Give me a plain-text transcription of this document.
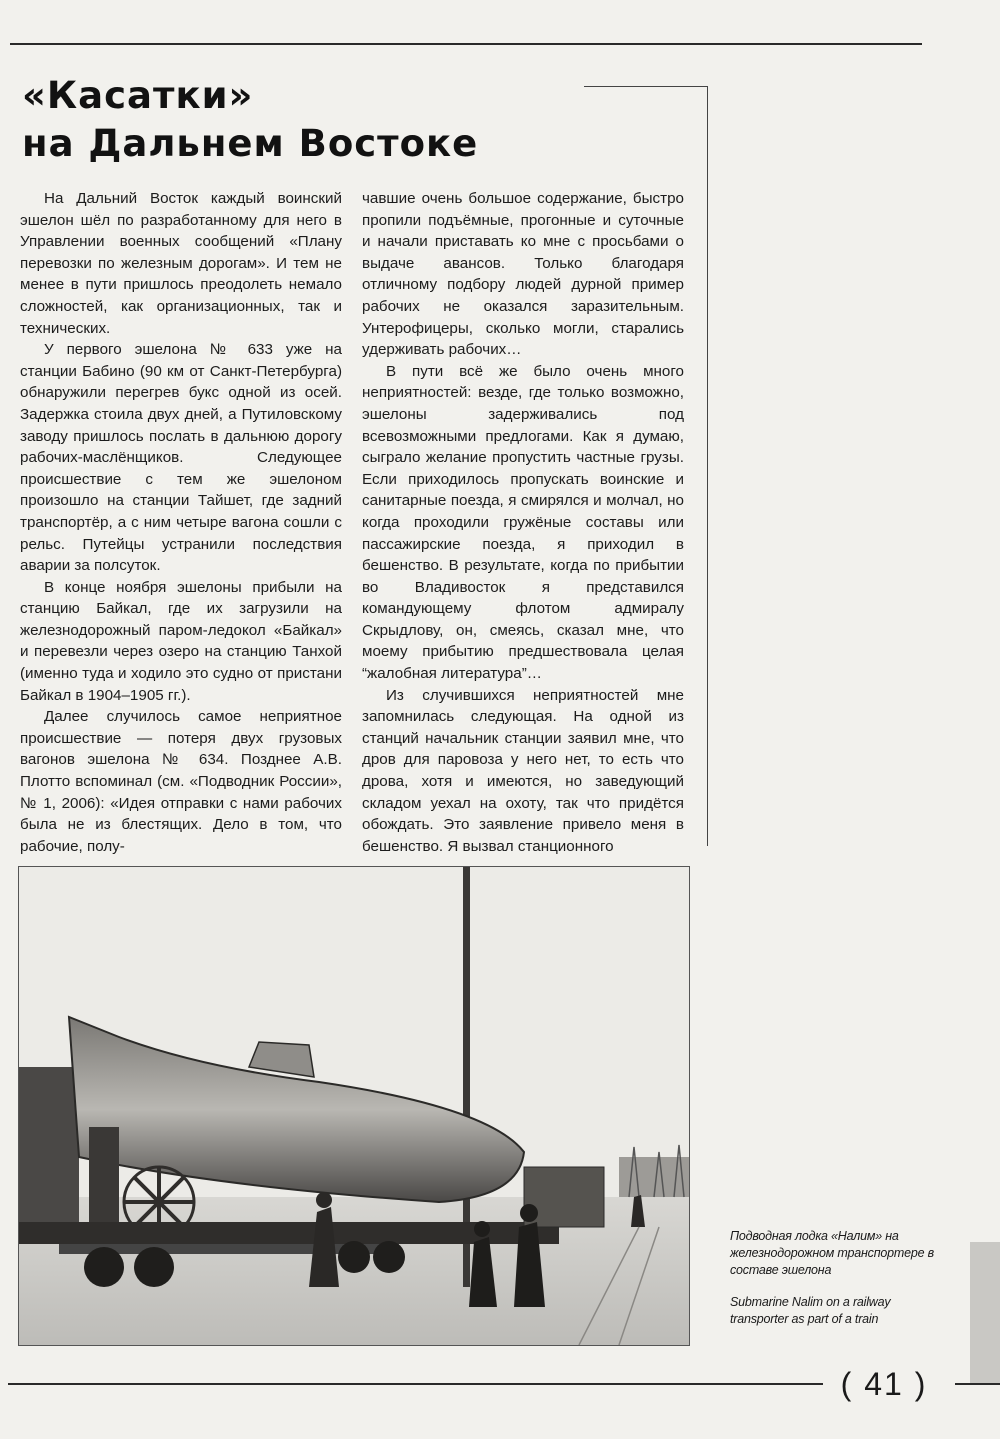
«Касатки»
на Дальнем Востоке

На Дальний Восток каждый воинский эшелон шёл по разработанному для него в Управлении военных сообщений «Плану перевозки по железным дорогам». И тем не менее в пути пришлось преодолеть немало сложностей, как организационных, так и технических.

У первого эшелона № 633 уже на станции Бабино (90 км от Санкт-Петербурга) обнаружили перегрев букс одной из осей. Задержка стоила двух дней, а Путиловскому заводу пришлось послать в дальнюю дорогу рабочих-маслёнщиков. Следующее происшествие с тем же эшелоном произошло на станции Тайшет, где задний транспортёр, а с ним четыре вагона сошли с рельс. Путейцы устранили последствия аварии за полсуток.

В конце ноября эшелоны прибыли на станцию Байкал, где их загрузили на железнодорожный паром-ледокол «Байкал» и перевезли через озеро на станцию Танхой (именно туда и ходило это судно от пристани Байкал в 1904–1905 гг.).

Далее случилось самое неприятное происшествие — потеря двух грузовых вагонов эшелона № 634. Позднее А.В. Плотто вспоминал (см. «Подводник России», № 1, 2006): «Идея отправки с нами рабочих была не из блестящих. Дело в том, что рабочие, полу-

чавшие очень большое содержание, быстро пропили подъёмные, прогонные и суточные и начали приставать ко мне с просьбами о выдаче авансов. Только благодаря отличному подбору людей дурной пример рабочих не оказался заразительным. Унтерофицеры, сколько могли, старались удерживать рабочих…

В пути всё же было очень много неприятностей: везде, где только возможно, эшелоны задерживались под всевозможными предлогами. Как я думаю, сыграло желание пропустить частные грузы. Если приходилось пропускать воинские и санитарные поезда, я смирялся и молчал, но когда проходили гружёные составы или пассажирские поезда, я приходил в бешенство. В результате, когда по прибытии во Владивосток я представился командующему флотом адмиралу Скрыдлову, он, смеясь, сказал мне, что моему прибытию предшествовала целая “жалобная литература”…

Из случившихся неприятностей мне запомнилась следующая. На одной из станций начальник станции заявил мне, что дров для паровоза у него нет, то есть что дрова, хотя и имеются, но заведующий складом уехал на охоту, так что придётся обождать. Это заявление привело меня в бешенство. Я вызвал станционного

Подводная лодка «Налим» на железнодорожном транспортере в составе эшелона
Submarine Nalim on a railway transporter as part of a train
( 41 )
